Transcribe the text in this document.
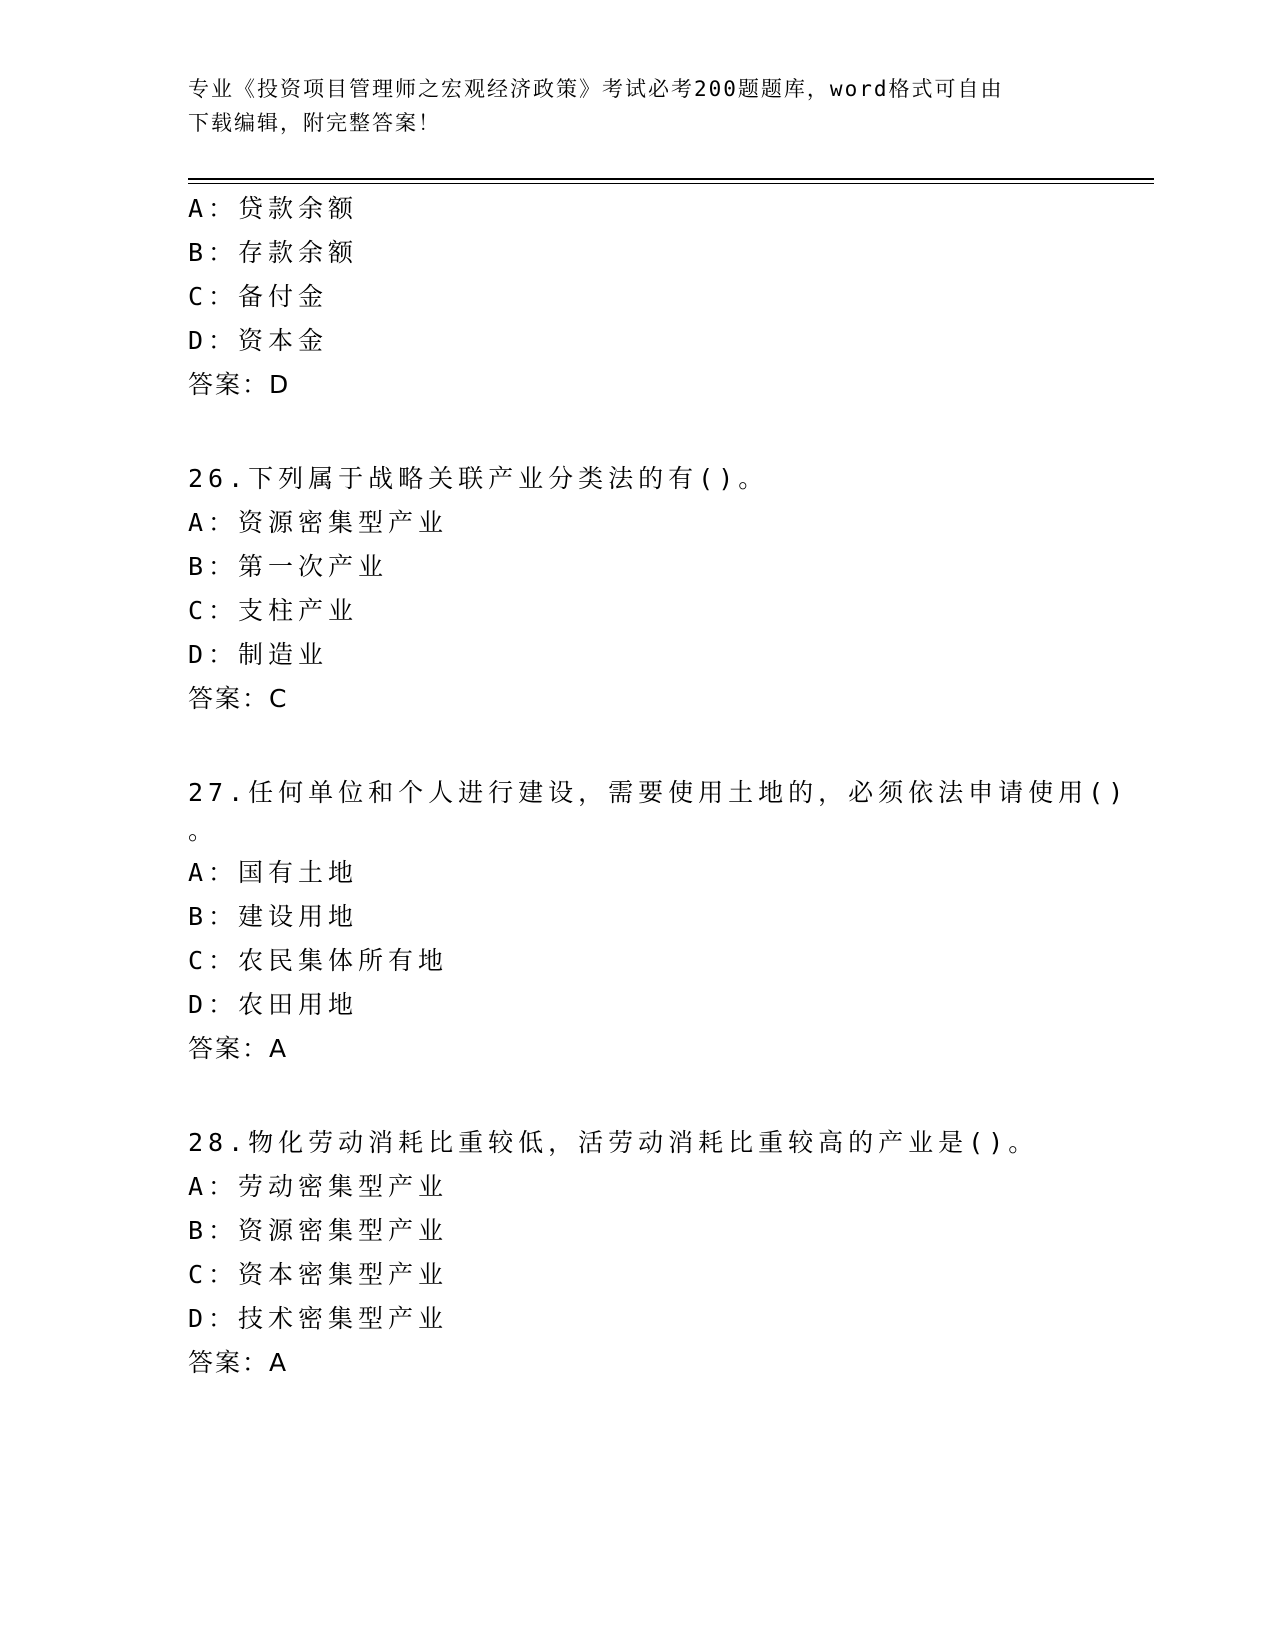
专业《投资项目管理师之宏观经济政策》考试必考200题题库，word格式可自由
下载编辑，附完整答案！
A：贷款余额
B：存款余额
C：备付金
D：资本金
答案：D
26.下列属于战略关联产业分类法的有()。
A：资源密集型产业
B：第一次产业
C：支柱产业
D：制造业
答案：C
27.任何单位和个人进行建设，需要使用土地的，必须依法申请使用()
。
A：国有土地
B：建设用地
C：农民集体所有地
D：农田用地
答案：A
28.物化劳动消耗比重较低，活劳动消耗比重较高的产业是()。
A：劳动密集型产业
B：资源密集型产业
C：资本密集型产业
D：技术密集型产业
答案：A
